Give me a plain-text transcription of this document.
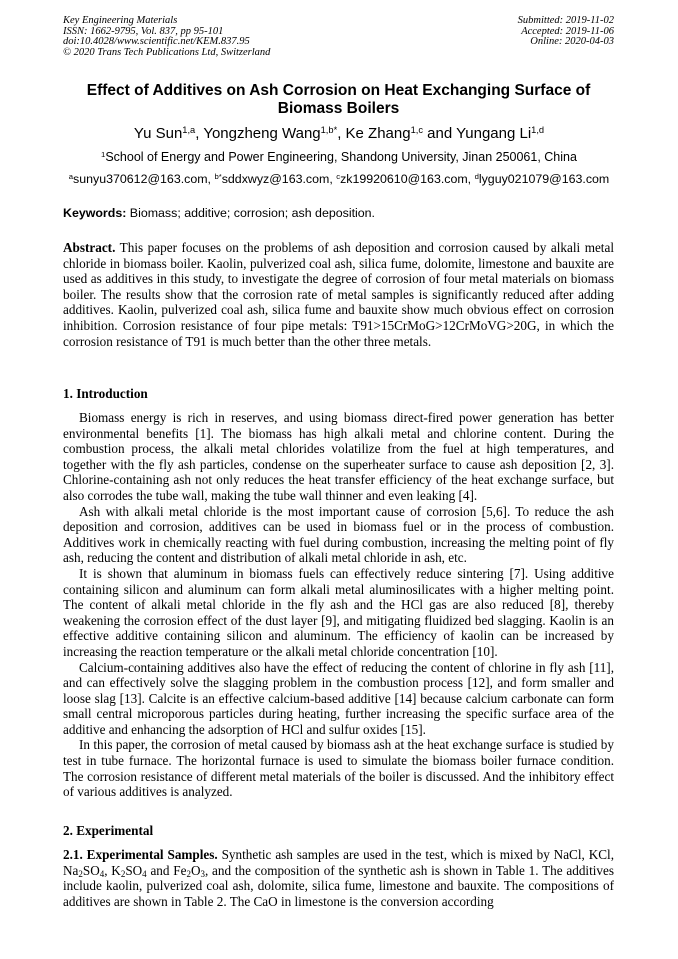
Key Engineering Materials
ISSN: 1662-9795, Vol. 837, pp 95-101
doi:10.4028/www.scientific.net/KEM.837.95
© 2020 Trans Tech Publications Ltd, Switzerland
Submitted: 2019-11-02
Accepted: 2019-11-06
Online: 2020-04-03
Effect of Additives on Ash Corrosion on Heat Exchanging Surface of Biomass Boilers
Yu Sun$^{1,a}$, Yongzheng Wang$^{1,b*}$, Ke Zhang$^{1,c}$ and Yungang Li$^{1,d}$
$^1$School of Energy and Power Engineering, Shandong University, Jinan 250061, China
$^a$sunyu370612@163.com, $^{b*}$sddxwyz@163.com, $^c$zk19920610@163.com, $^d$lyguy021079@163.com
Keywords: Biomass; additive; corrosion; ash deposition.

Abstract. This paper focuses on the problems of ash deposition and corrosion caused by alkali metal chloride in biomass boiler. Kaolin, pulverized coal ash, silica fume, dolomite, limestone and bauxite are used as additives in this study, to investigate the degree of corrosion of four metal materials on biomass boiler. The results show that the corrosion rate of metal samples is significantly reduced after adding additives. Kaolin, pulverized coal ash, silica fume and bauxite show much obvious effect on corrosion inhibition. Corrosion resistance of four pipe metals: T91>15CrMoG>12CrMoVG>20G, in which the corrosion resistance of T91 is much better than the other three metals.

1. Introduction

Biomass energy is rich in reserves, and using biomass direct-fired power generation has better environmental benefits [1]. The biomass has high alkali metal and chlorine content. During the combustion process, the alkali metal chlorides volatilize from the fuel at high temperatures, and together with the fly ash particles, condense on the superheater surface to cause ash deposition [2, 3]. Chlorine-containing ash not only reduces the heat transfer efficiency of the heat exchange surface, but also corrodes the tube wall, making the tube wall thinner and even leaking [4].

Ash with alkali metal chloride is the most important cause of corrosion [5,6]. To reduce the ash deposition and corrosion, additives can be used in biomass fuel or in the process of combustion. Additives work in chemically reacting with fuel during combustion, increasing the melting point of fly ash, reducing the content and distribution of alkali metal chloride in ash, etc.

It is shown that aluminum in biomass fuels can effectively reduce sintering [7]. Using additive containing silicon and aluminum can form alkali metal aluminosilicates with a higher melting point. The content of alkali metal chloride in the fly ash and the HCl gas are also reduced [8], thereby weakening the corrosion effect of the dust layer [9], and mitigating fluidized bed slagging. Kaolin is an effective additive containing silicon and aluminum. The efficiency of kaolin can be increased by increasing the reaction temperature or the alkali metal chloride concentration [10].

Calcium-containing additives also have the effect of reducing the content of chlorine in fly ash [11], and can effectively solve the slagging problem in the combustion process [12], and form smaller and loose slag [13]. Calcite is an effective calcium-based additive [14] because calcium carbonate can form small central microporous particles during heating, further increasing the specific surface area of the additive and enhancing the adsorption of HCl and sulfur oxides [15].

In this paper, the corrosion of metal caused by biomass ash at the heat exchange surface is studied by test in tube furnace. The horizontal furnace is used to simulate the biomass boiler furnace condition. The corrosion resistance of different metal materials of the boiler is discussed. And the inhibitory effect of various additives is analyzed.

2. Experimental

2.1. Experimental Samples. Synthetic ash samples are used in the test, which is mixed by NaCl, KCl, Na2SO4, K2SO4 and Fe2O3, and the composition of the synthetic ash is shown in Table 1. The additives include kaolin, pulverized coal ash, dolomite, silica fume, limestone and bauxite. The compositions of additives are shown in Table 2. The CaO in limestone is the conversion according
